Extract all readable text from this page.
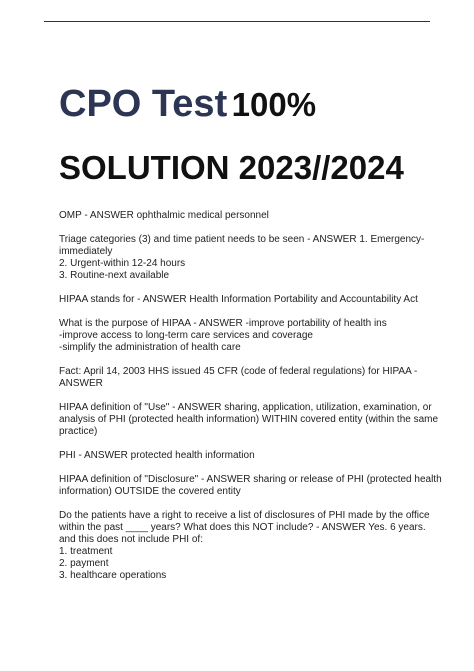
CPO Test 100%
SOLUTION 2023//2024
OMP - ANSWER ophthalmic medical personnel
Triage categories (3) and time patient needs to be seen - ANSWER 1. Emergency-
immediately
2. Urgent-within 12-24 hours
3. Routine-next available
HIPAA stands for - ANSWER Health Information Portability and Accountability Act
What is the purpose of HIPAA - ANSWER -improve portability of health ins
-improve access to long-term care services and coverage
-simplify the administration of health care
Fact: April 14, 2003 HHS issued 45 CFR (code of federal regulations) for HIPAA -
ANSWER
HIPAA definition of "Use" - ANSWER sharing, application, utilization, examination, or
analysis of PHI (protected health information) WITHIN covered entity (within the same
practice)
PHI - ANSWER protected health information
HIPAA definition of "Disclosure" - ANSWER sharing or release of PHI (protected health
information) OUTSIDE the covered entity
Do the patients have a right to receive a list of disclosures of PHI made by the office
within the past ____ years? What does this NOT include? - ANSWER Yes. 6 years.
and this does not include PHI of:
1. treatment
2. payment
3. healthcare operations
